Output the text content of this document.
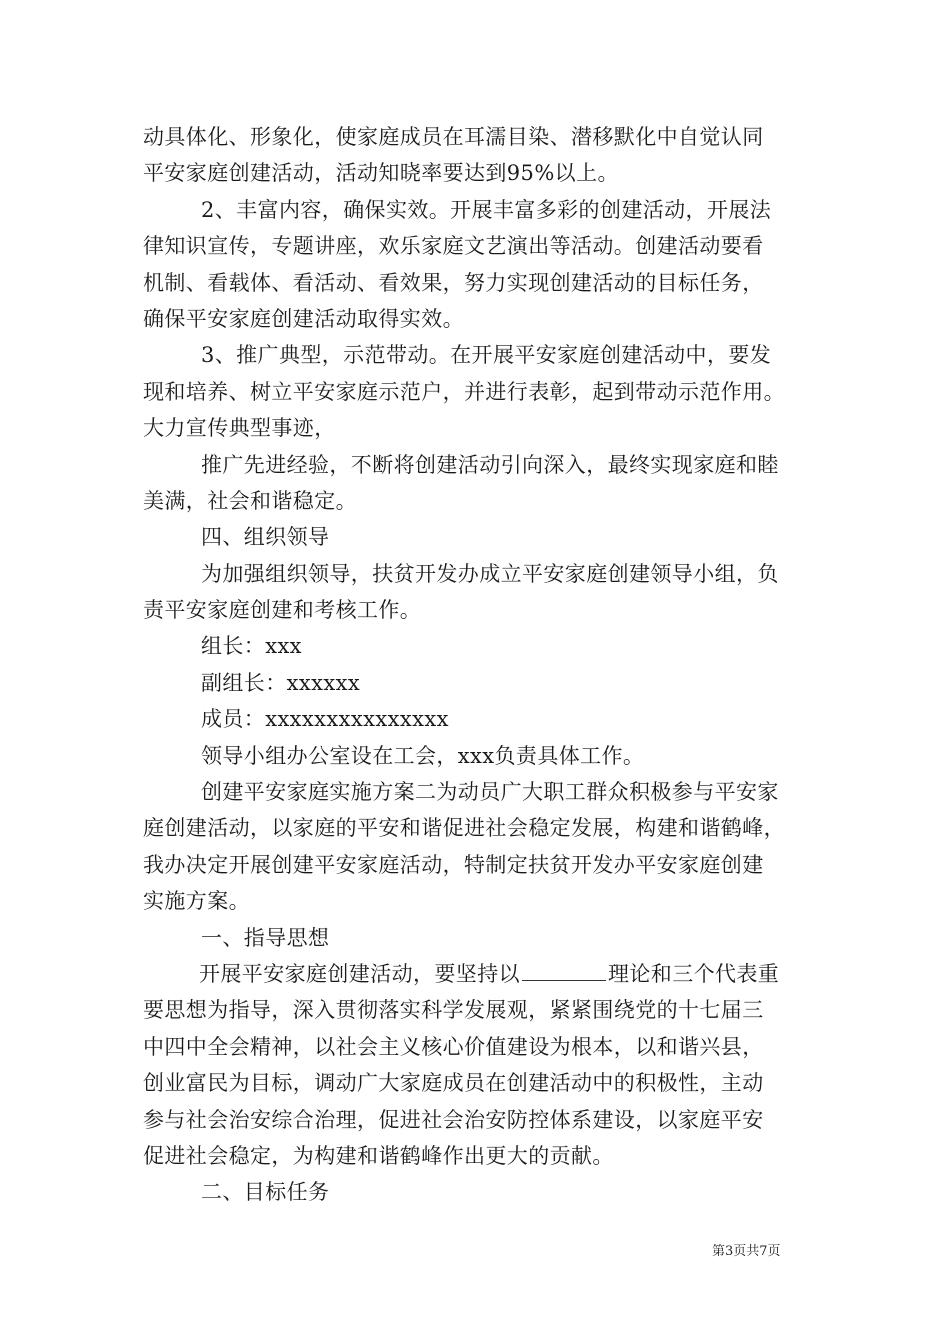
动具体化、形象化，使家庭成员在耳濡目染、潜移默化中自觉认同
平安家庭创建活动，活动知晓率要达到95%以上。
2、丰富内容，确保实效。开展丰富多彩的创建活动，开展法
律知识宣传，专题讲座，欢乐家庭文艺演出等活动。创建活动要看
机制、看载体、看活动、看效果，努力实现创建活动的目标任务，
确保平安家庭创建活动取得实效。
3、推广典型，示范带动。在开展平安家庭创建活动中，要发
现和培养、树立平安家庭示范户，并进行表彰，起到带动示范作用。
大力宣传典型事迹，
推广先进经验，不断将创建活动引向深入，最终实现家庭和睦
美满，社会和谐稳定。
四、组织领导
为加强组织领导，扶贫开发办成立平安家庭创建领导小组，负
责平安家庭创建和考核工作。
组长：xxx
副组长：xxxxxx
成员：xxxxxxxxxxxxxxx
领导小组办公室设在工会，xxx负责具体工作。
创建平安家庭实施方案二为动员广大职工群众积极参与平安家
庭创建活动，以家庭的平安和谐促进社会稳定发展，构建和谐鹤峰，
我办决定开展创建平安家庭活动，特制定扶贫开发办平安家庭创建
实施方案。
一、指导思想
开展平安家庭创建活动，要坚持以	理论和三个代表重
要思想为指导，深入贯彻落实科学发展观，紧紧围绕党的十七届三
中四中全会精神，以社会主义核心价值建设为根本，以和谐兴县，
创业富民为目标，调动广大家庭成员在创建活动中的积极性，主动
参与社会治安综合治理，促进社会治安防控体系建设，以家庭平安
促进社会稳定，为构建和谐鹤峰作出更大的贡献。
二、目标任务
第3页共7页
